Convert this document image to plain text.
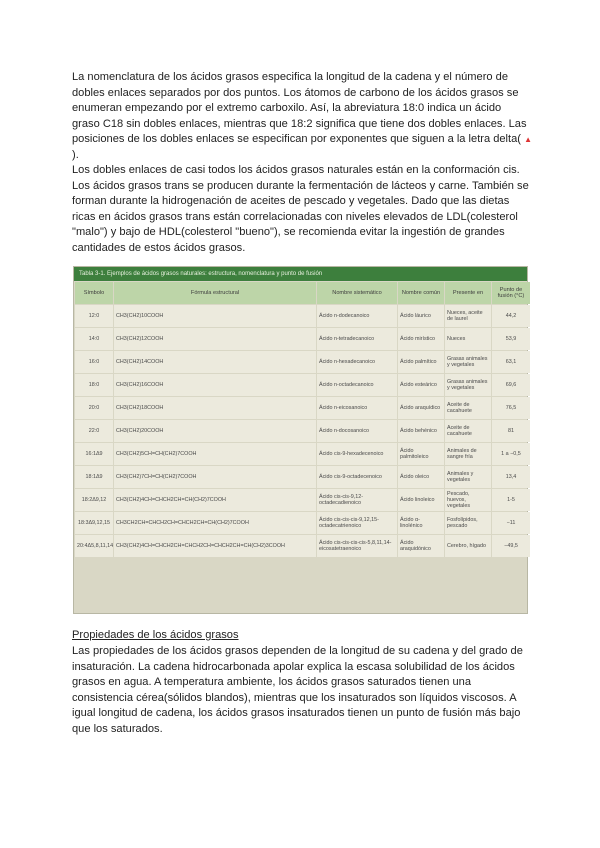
La nomenclatura de los ácidos grasos especifica la longitud de la cadena y el número de dobles enlaces separados por dos puntos. Los átomos de carbono de los ácidos grasos se enumeran empezando por el extremo carboxilo. Así, la abreviatura 18:0 indica un ácido graso C18 sin dobles enlaces, mientras que 18:2 significa que tiene dos dobles enlaces. Las posiciones de los dobles enlaces se especifican por exponentes que siguen a la letra delta( ▲ ).

Los dobles enlaces de casi todos los ácidos grasos naturales están en la conformación cis. Los ácidos grasos trans se producen durante la fermentación de lácteos y carne. También se forman durante la hidrogenación de aceites de pescado y vegetales. Dado que las dietas ricas en ácidos grasos trans están correlacionadas con niveles elevados de LDL(colesterol "malo") y bajo de HDL(colesterol "bueno"), se recomienda evitar la ingestión de grandes cantidades de estos ácidos grasos.

Tabla 3-1. Ejemplos de ácidos grasos naturales: estructura, nomenclatura y punto de fusión
Símbolo	Fórmula estructural	Nombre sistemático	Nombre común	Presente en	Punto de fusión (°C)
12:0	CH3(CH2)10COOH	Ácido n-dodecanoico	Ácido láurico	Nueces, aceite de laurel	44,2
14:0	CH3(CH2)12COOH	Ácido n-tetradecanoico	Ácido mirístico	Nueces	53,9
16:0	CH3(CH2)14COOH	Ácido n-hexadecanoico	Ácido palmítico	Grasas animales y vegetales	63,1
18:0	CH3(CH2)16COOH	Ácido n-octadecanoico	Ácido esteárico	Grasas animales y vegetales	69,6
20:0	CH3(CH2)18COOH	Ácido n-eicosanoico	Ácido araquídico	Aceite de cacahuete	76,5
22:0	CH3(CH2)20COOH	Ácido n-docosanoico	Ácido behénico	Aceite de cacahuete	81
16:1Δ9	CH3(CH2)5CH=CH(CH2)7COOH	Ácido cis-9-hexadecenoico	Ácido palmitoleico	Animales de sangre fría	1 a −0,5
18:1Δ9	CH3(CH2)7CH=CH(CH2)7COOH	Ácido cis-9-octadecenoico	Ácido oleico	Animales y vegetales	13,4
18:2Δ9,12	CH3(CH2)4CH=CHCH2CH=CH(CH2)7COOH	Ácido cis-cis-9,12-octadecadienoico	Ácido linoleico	Pescado, huevos, vegetales	1-5
18:3Δ9,12,15	CH3CH2CH=CHCH2CH=CHCH2CH=CH(CH2)7COOH	Ácido cis-cis-cis-9,12,15-octadecatrienoico	Ácido α-linolénico	Fosfolípidos, pescado	−11
20:4Δ5,8,11,14	CH3(CH2)4CH=CHCH2CH=CHCH2CH=CHCH2CH=CH(CH2)3COOH	Ácido cis-cis-cis-cis-5,8,11,14-eicosatetraenoico	Ácido araquidónico	Cerebro, hígado	−49,5
Propiedades de los ácidos grasos

Las propiedades de los ácidos grasos dependen de la longitud de su cadena y del grado de insaturación. La cadena hidrocarbonada apolar explica la escasa solubilidad de los ácidos grasos en agua. A temperatura ambiente, los ácidos grasos saturados tienen una consistencia cérea(sólidos blandos), mientras que los insaturados son líquidos viscosos. A igual longitud de cadena, los ácidos grasos insaturados tienen un punto de fusión más bajo que los saturados.
